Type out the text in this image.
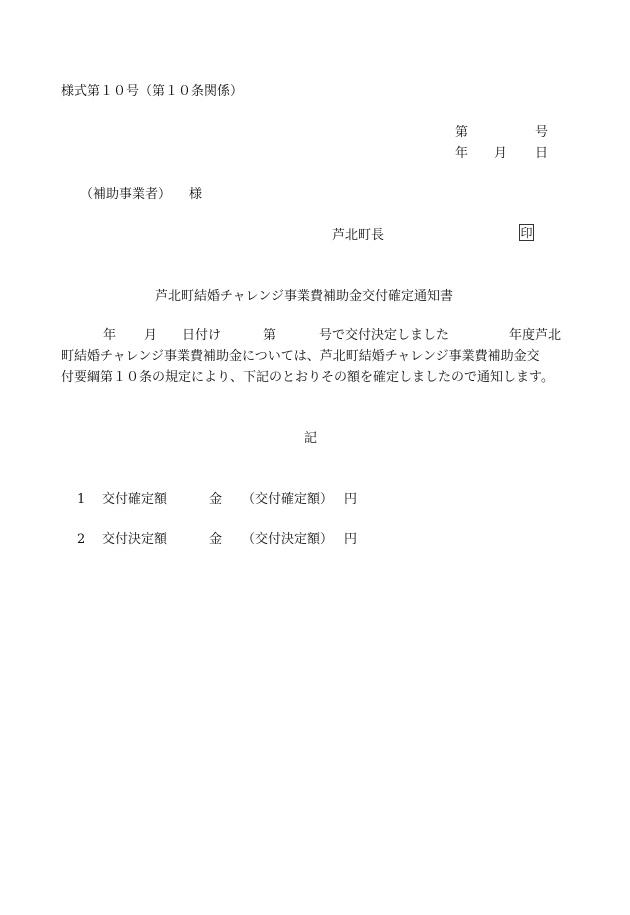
様式第１０号（第１０条関係）
第	号
年 月 日
（補助事業者） 様
芦北町長	印
芦北町結婚チャレンジ事業費補助金交付確定通知書
年 月 日付け	第	号で交付決定しました	年度芦北
町結婚チャレンジ事業費補助金については、芦北町結婚チャレンジ事業費補助金交
付要綱第１０条の規定により、下記のとおりその額を確定しましたので通知します。
記
1 交付確定額	金 （交付確定額） 円
2 交付決定額	金 （交付決定額） 円
